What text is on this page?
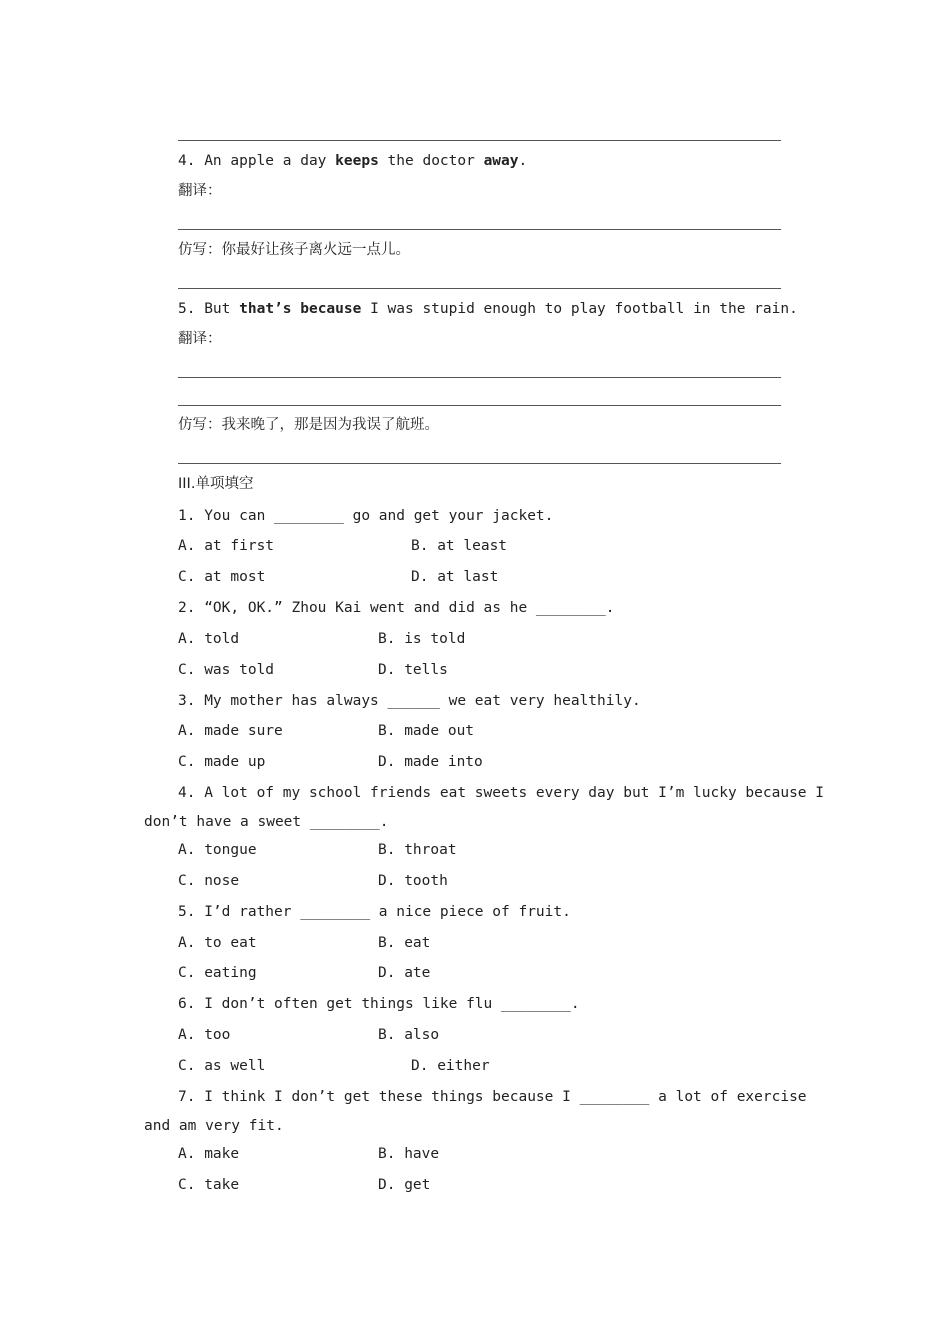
4. An apple a day keeps the doctor away.
翻译：
仿写：你最好让孩子离火远一点儿。
5. But that’s because I was stupid enough to play football in the rain.
翻译：
仿写：我来晚了，那是因为我误了航班。
III.单项填空
1. You can ________ go and get your jacket.
A. at first	B. at least
C. at most	D. at last
2. “OK, OK.” Zhou Kai went and did as he ________.
A. told	B. is told
C. was told	D. tells
3. My mother has always ______ we eat very healthily.
A. made sure	B. made out
C. made up	D. made into
4. A lot of my school friends eat sweets every day but I’m lucky because I
don’t have a sweet ________.
A. tongue	B. throat
C. nose	D. tooth
5. I’d rather ________ a nice piece of fruit.
A. to eat	B. eat
C. eating	D. ate
6. I don’t often get things like flu ________.
A. too	B. also
C. as well	D. either
7. I think I don’t get these things because I ________ a lot of exercise
and am very fit.
A. make	B. have
C. take	D. get
